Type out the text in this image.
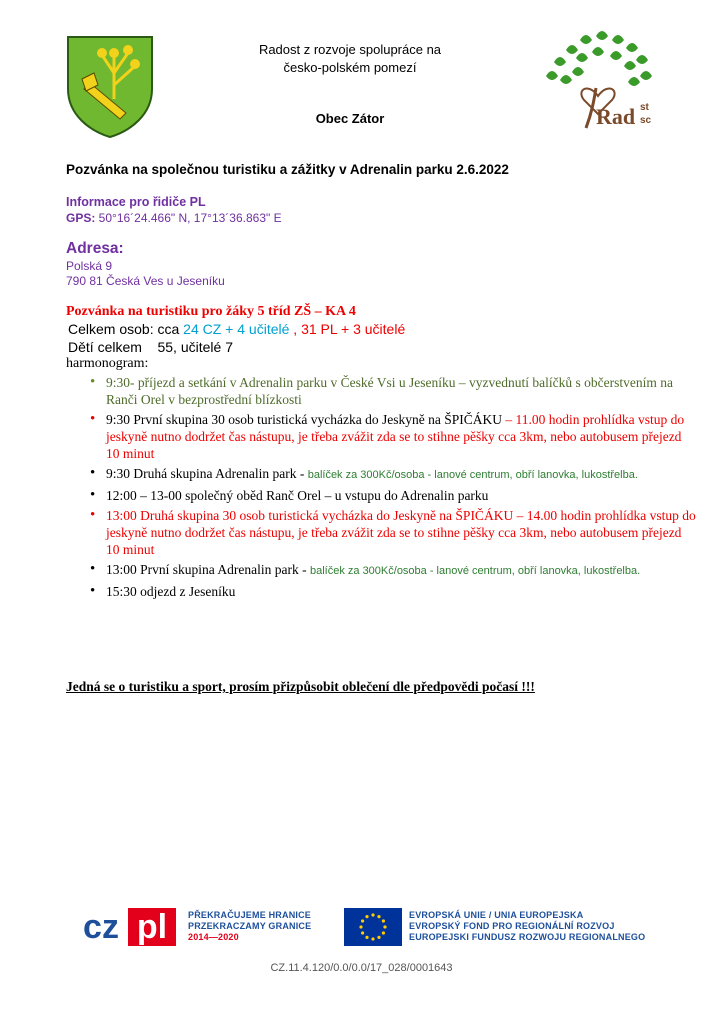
Radost z rozvoje spolupráce na
česko-polském pomezí
Obec Zátor	Rad st
sc
Pozvánka na společnou turistiku a zážitky v Adrenalin parku 2.6.2022
Informace pro řidiče PL
GPS: 50°16´24.466" N, 17°13´36.863" E
Adresa:
Polská 9
790 81 Česká Ves u Jeseníku
Pozvánka na turistiku pro žáky 5 tříd ZŠ – KA 4
Celkem osob: cca 24 CZ + 4 učitelé , 31 PL + 3 učitelé
Dětí celkem 55, učitelé 7
harmonogram:
• 9:30- příjezd a setkání v Adrenalin parku v České Vsi u Jeseníku – vyzvednutí balíčků s občerstvením na Ranči Orel v bezprostřední blízkosti
• 9:30 První skupina 30 osob turistická vycházka do Jeskyně na ŠPIČÁKU – 11.00 hodin prohlídka vstup do jeskyně nutno dodržet čas nástupu, je třeba zvážit zda se to stihne pěšky cca 3km, nebo autobusem přejezd 10 minut
• 9:30 Druhá skupina Adrenalin park - balíček za 300Kč/osoba - lanové centrum, obří lanovka, lukostřelba.
• 12:00 – 13-00 společný oběd Ranč Orel – u vstupu do Adrenalin parku
• 13:00 Druhá skupina 30 osob turistická vycházka do Jeskyně na ŠPIČÁKU – 14.00 hodin prohlídka vstup do jeskyně nutno dodržet čas nástupu, je třeba zvážit zda se to stihne pěšky cca 3km, nebo autobusem přejezd 10 minut
• 13:00 První skupina Adrenalin park - balíček za 300Kč/osoba - lanové centrum, obří lanovka, lukostřelba.
• 15:30 odjezd z Jeseníku
Jedná se o turistiku a sport, prosím přizpůsobit oblečení dle předpovědi počasí !!!
cz pl	PŘEKRAČUJEME HRANICE
PRZEKRACZAMY GRANICE
2014—2020
EVROPSKÁ UNIE / UNIA EUROPEJSKA
EVROPSKÝ FOND PRO REGIONÁLNÍ ROZVOJ
EUROPEJSKI FUNDUSZ ROZWOJU REGIONALNEGO
CZ.11.4.120/0.0/0.0/17_028/0001643
